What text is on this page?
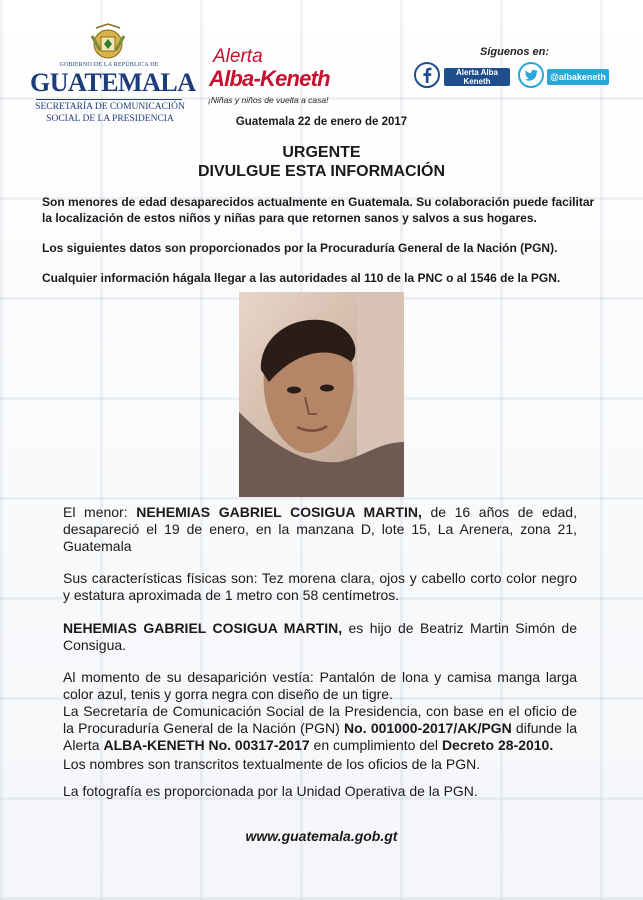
GOBIERNO DE LA REPÚBLICA DE
GUATEMALA
SECRETARÍA DE COMUNICACIÓN
SOCIAL DE LA PRESIDENCIA
Alerta
Alba-Keneth
¡Niñas y niños de vuelta a casa!
Síguenos en:
Alerta Alba Keneth	@albakeneth
Guatemala 22 de enero de 2017
URGENTE
DIVULGUE ESTA INFORMACIÓN
Son menores de edad desaparecidos actualmente en Guatemala. Su colaboración puede facilitar la localización de estos niños y niñas para que retornen sanos y salvos a sus hogares.
Los siguientes datos son proporcionados por la Procuraduría General de la Nación (PGN).
Cualquier información hágala llegar a las autoridades al 110 de la PNC o al 1546 de la PGN.
El menor: NEHEMIAS GABRIEL COSIGUA MARTIN, de 16 años de edad, desapareció el 19 de enero, en la manzana D, lote 15, La Arenera, zona 21, Guatemala
Sus características físicas son: Tez morena clara, ojos y cabello corto color negro y estatura aproximada de 1 metro con 58 centímetros.
NEHEMIAS GABRIEL COSIGUA MARTIN, es hijo de Beatriz Martin Simón de Consigua.
Al momento de su desaparición vestía: Pantalón de lona y camisa manga larga color azul, tenis y gorra negra con diseño de un tigre.
La Secretaría de Comunicación Social de la Presidencia, con base en el oficio de la Procuraduría General de la Nación (PGN) No. 001000-2017/AK/PGN difunde la Alerta ALBA-KENETH No. 00317-2017 en cumplimiento del Decreto 28-2010.
Los nombres son transcritos textualmente de los oficios de la PGN.
La fotografía es proporcionada por la Unidad Operativa de la PGN.
www.guatemala.gob.gt
